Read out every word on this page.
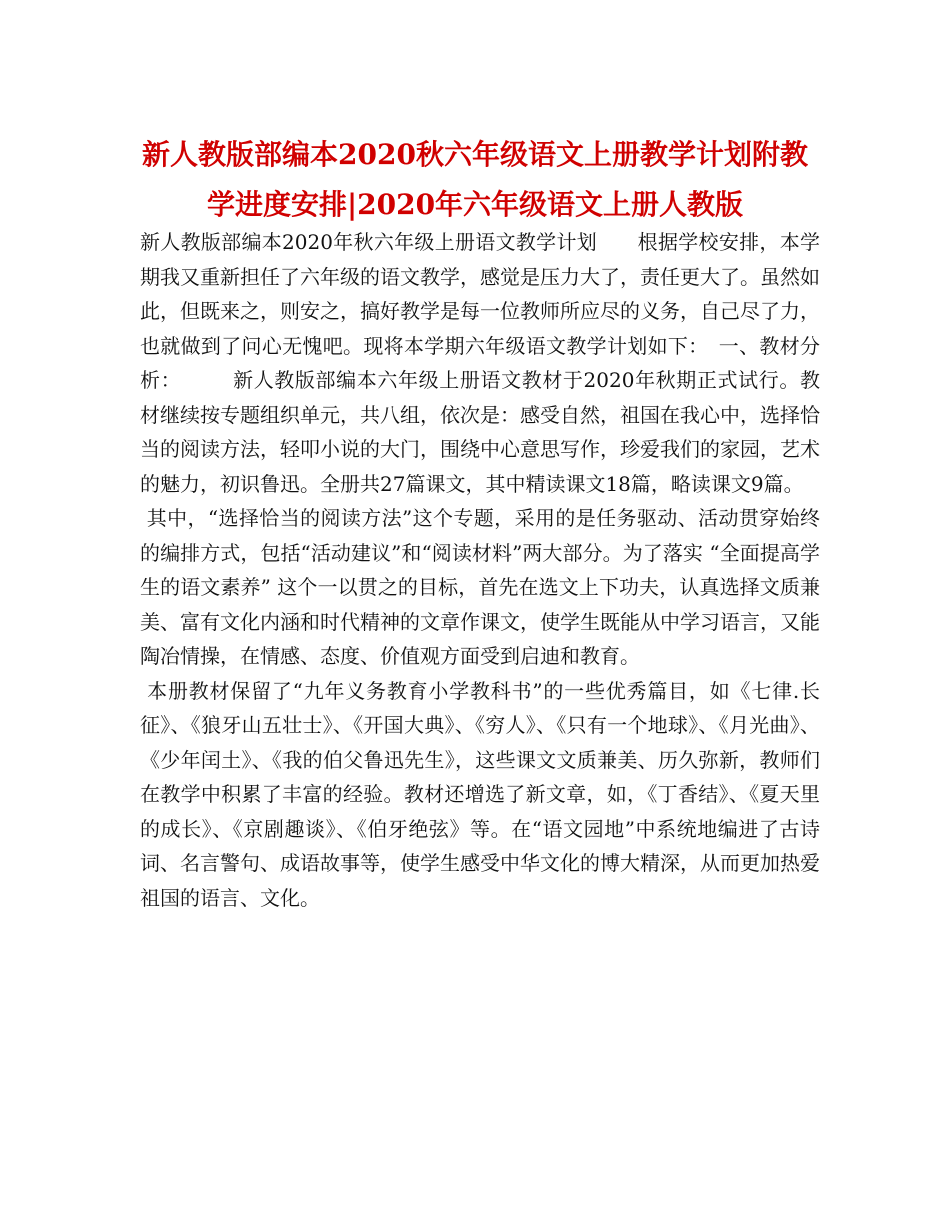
新人教版部编本2020秋六年级语文上册教学计划附教
学进度安排|2020年六年级语文上册人教版

新人教版部编本2020年秋六年级上册语文教学计划　　根据学校安排，本学期我又重新担任了六年级的语文教学，感觉是压力大了，责任更大了。虽然如此，但既来之，则安之，搞好教学是每一位教师所应尽的义务，自己尽了力，也就做到了问心无愧吧。现将本学期六年级语文教学计划如下：　一、教材分析：　　　新人教版部编本六年级上册语文教材于2020年秋期正式试行。教材继续按专题组织单元，共八组，依次是：感受自然，祖国在我心中，选择恰当的阅读方法，轻叩小说的大门，围绕中心意思写作，珍爱我们的家园，艺术的魅力，初识鲁迅。全册共27篇课文，其中精读课文18篇，略读课文9篇。

其中，“选择恰当的阅读方法”这个专题，采用的是任务驱动、活动贯穿始终的编排方式，包括“活动建议”和“阅读材料”两大部分。为了落实 “全面提高学生的语文素养” 这个一以贯之的目标，首先在选文上下功夫，认真选择文质兼美、富有文化内涵和时代精神的文章作课文，使学生既能从中学习语言，又能陶冶情操，在情感、态度、价值观方面受到启迪和教育。

本册教材保留了“九年义务教育小学教科书”的一些优秀篇目，如《七律.长征》、《狼牙山五壮士》、《开国大典》、《穷人》、《只有一个地球》、《月光曲》、《少年闰土》、《我的伯父鲁迅先生》，这些课文文质兼美、历久弥新，教师们在教学中积累了丰富的经验。教材还增选了新文章，如，《丁香结》、《夏天里的成长》、《京剧趣谈》、《伯牙绝弦》等。在“语文园地”中系统地编进了古诗词、名言警句、成语故事等，使学生感受中华文化的博大精深，从而更加热爱祖国的语言、文化。
